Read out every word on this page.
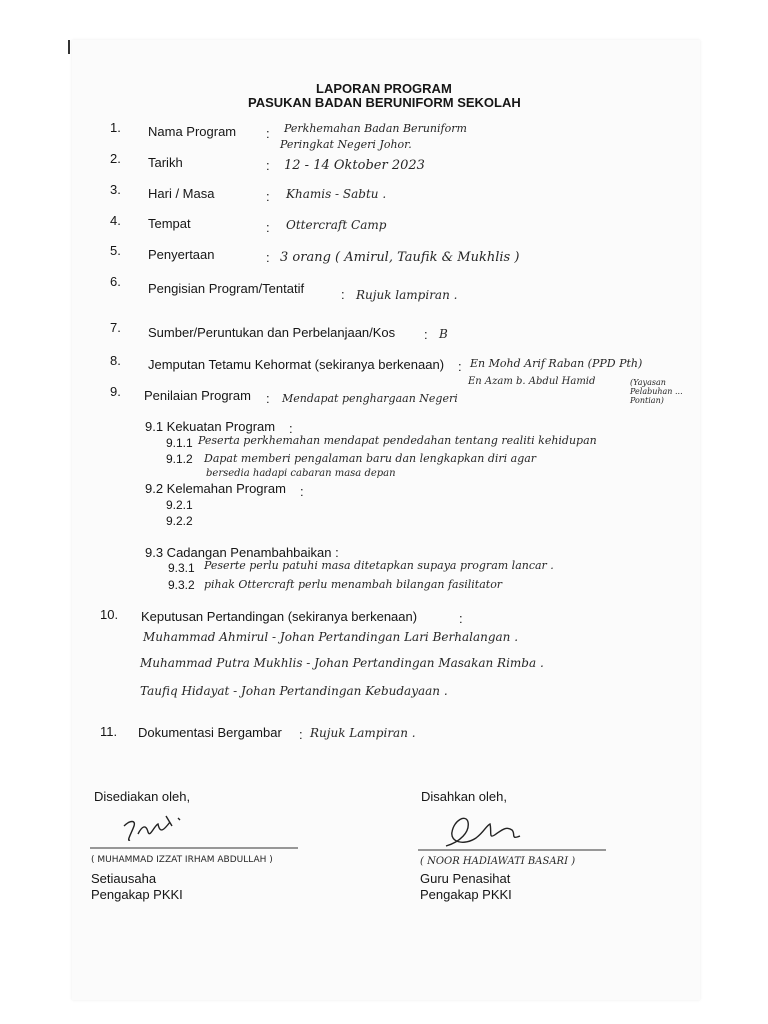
LAPORAN PROGRAM
PASUKAN BADAN BERUNIFORM SEKOLAH
1. Nama Program : Perkhemahan Badan Beruniform
Peringkat Negeri Johor.
2. Tarikh	: 12 - 14 Oktober 2023
3. Hari / Masa	: Khamis - Sabtu .
4. Tempat	: Ottercraft Camp
5. Penyertaan	: 3 orang ( Amirul, Taufik & Mukhlis )
6. Pengisian Program/Tentatif	: Rujuk lampiran .
7. Sumber/Peruntukan dan Perbelanjaan/Kos : B
8. Jemputan Tetamu Kehormat (sekiranya berkenaan) : En Mohd Arif Raban (PPD Pth)
En Azam b. Abdul Hamid	(Yayasan Pelabuhan ... Pontian)
9. Penilaian Program : Mendapat penghargaan Negeri
9.1 Kekuatan Program :
9.1.1 Peserta perkhemahan mendapat pendedahan tentang realiti kehidupan
9.1.2 Dapat memberi pengalaman baru dan lengkapkan diri agar
bersedia hadapi cabaran masa depan
9.2 Kelemahan Program :
9.2.1
9.2.2
9.3 Cadangan Penambahbaikan :
9.3.1 Peserte perlu patuhi masa ditetapkan supaya program lancar .
9.3.2 pihak Ottercraft perlu menambah bilangan fasilitator
10. Keputusan Pertandingan (sekiranya berkenaan)	:
Muhammad Ahmirul - Johan Pertandingan Lari Berhalangan .
Muhammad Putra Mukhlis - Johan Pertandingan Masakan Rimba .
Taufiq Hidayat - Johan Pertandingan Kebudayaan .
11. Dokumentasi Bergambar : Rujuk Lampiran .
Disediakan oleh,
( MUHAMMAD IZZAT IRHAM ABDULLAH )
Setiausaha
Pengakap PKKI
Disahkan oleh,
( NOOR HADIAWATI BASARI )
Guru Penasihat
Pengakap PKKI
